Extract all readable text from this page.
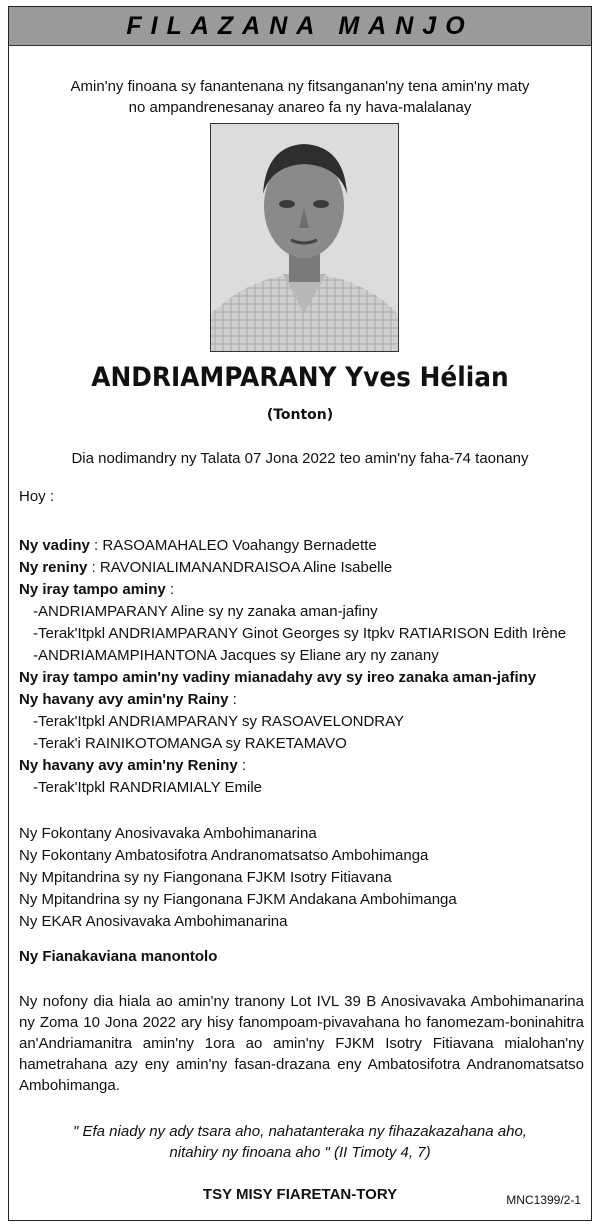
FILAZANA MANJO
Amin'ny finoana sy fanantenana ny fitsanganan'ny tena amin'ny maty
no ampandrenesanay anareo fa ny hava-malalanay
ANDRIAMPARANY Yves Hélian
(Tonton)
Dia nodimandry ny Talata 07 Jona 2022 teo amin'ny faha-74 taonany
Hoy :
Ny vadiny : RASOAMAHALEO Voahangy Bernadette
Ny reniny : RAVONIALIMANANDRAISOA Aline Isabelle
Ny iray tampo aminy :
-ANDRIAMPARANY Aline sy ny zanaka aman-jafiny
-Terak'Itpkl ANDRIAMPARANY Ginot Georges sy Itpkv RATIARISON Edith Irène
-ANDRIAMAMPIHANTONA Jacques sy Eliane ary ny zanany
Ny iray tampo amin'ny vadiny mianadahy avy sy ireo zanaka aman-jafiny
Ny havany avy amin'ny Rainy :
-Terak'Itpkl ANDRIAMPARANY sy RASOAVELONDRAY
-Terak'i RAINIKOTOMANGA sy RAKETAMAVO
Ny havany avy amin'ny Reniny :
-Terak'Itpkl RANDRIAMIALY Emile
Ny Fokontany Anosivavaka Ambohimanarina
Ny Fokontany Ambatosifotra Andranomatsatso Ambohimanga
Ny Mpitandrina sy ny Fiangonana FJKM Isotry Fitiavana
Ny Mpitandrina sy ny Fiangonana FJKM Andakana Ambohimanga
Ny EKAR Anosivavaka Ambohimanarina
Ny Fianakaviana manontolo
Ny nofony dia hiala ao amin'ny tranony Lot IVL 39 B Anosivavaka Ambohimanarina ny Zoma 10 Jona 2022 ary hisy fanompoam-pivavahana ho fanomezam-boninahitra an'Andriamanitra amin'ny 1ora ao amin'ny FJKM Isotry Fitiavana mialohan'ny hametrahana azy eny amin'ny fasan-drazana eny Ambatosifotra Andranomatsatso Ambohimanga.
" Efa niady ny ady tsara aho, nahatanteraka ny fihazakazahana aho,
nitahiry ny finoana aho " (II Timoty 4, 7)
TSY MISY FIARETAN-TORY	MNC1399/2-1
